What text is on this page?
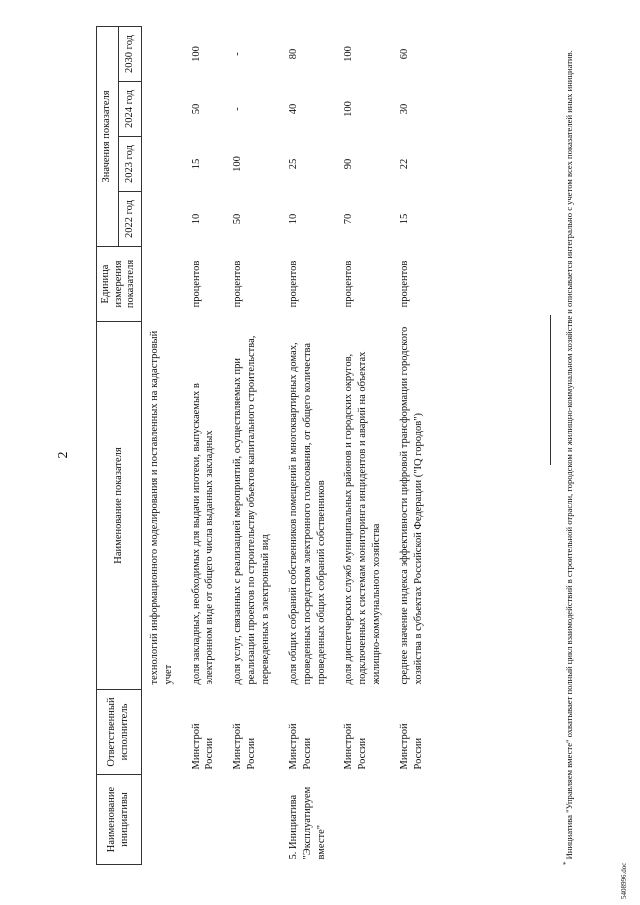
2
Наименование инициативы	Ответственный исполнитель	Наименование показателя	Единица измерения показателя	Значения показателя			
				2022 год	2023 год	2024 год	2030 год
		технологий информационного моделирования и поставленных на кадастровый учет					
	Минстрой России	доля закладных, необходимых для выдачи ипотеки, выпускаемых в электронном виде от общего числа выданных закладных	процентов	10	15	50	100
	Минстрой России	доля услуг, связанных с реализацией мероприятий, осуществляемых при реализации проектов по строительству объектов капитального строительства, переведенных в электронный вид	процентов	50	100	-	-
5. Инициатива "Эксплуатируем вместе"	Минстрой России	доля общих собраний собственников помещений в многоквартирных домах, проведенных посредством электронного голосования, от общего количества проведенных общих собраний собственников	процентов	10	25	40	80
	Минстрой России	доля диспетчерских служб муниципальных районов и городских округов, подключенных к системам мониторинга инцидентов и аварий на объектах жилищно-коммунального хозяйства	процентов	70	90	100	100
	Минстрой России	среднее значение индекса эффективности цифровой трансформации городского хозяйства в субъектах Российской Федерации ("IQ городов")	процентов	15	22	30	60
* Инициатива "Управляем вместе" охватывает полный цикл взаимодействий в строительной отрасли, городском и жилищно-коммунальном хозяйстве и описывается интегрально с учетом всех показателей иных инициатив.
5408996.doc
